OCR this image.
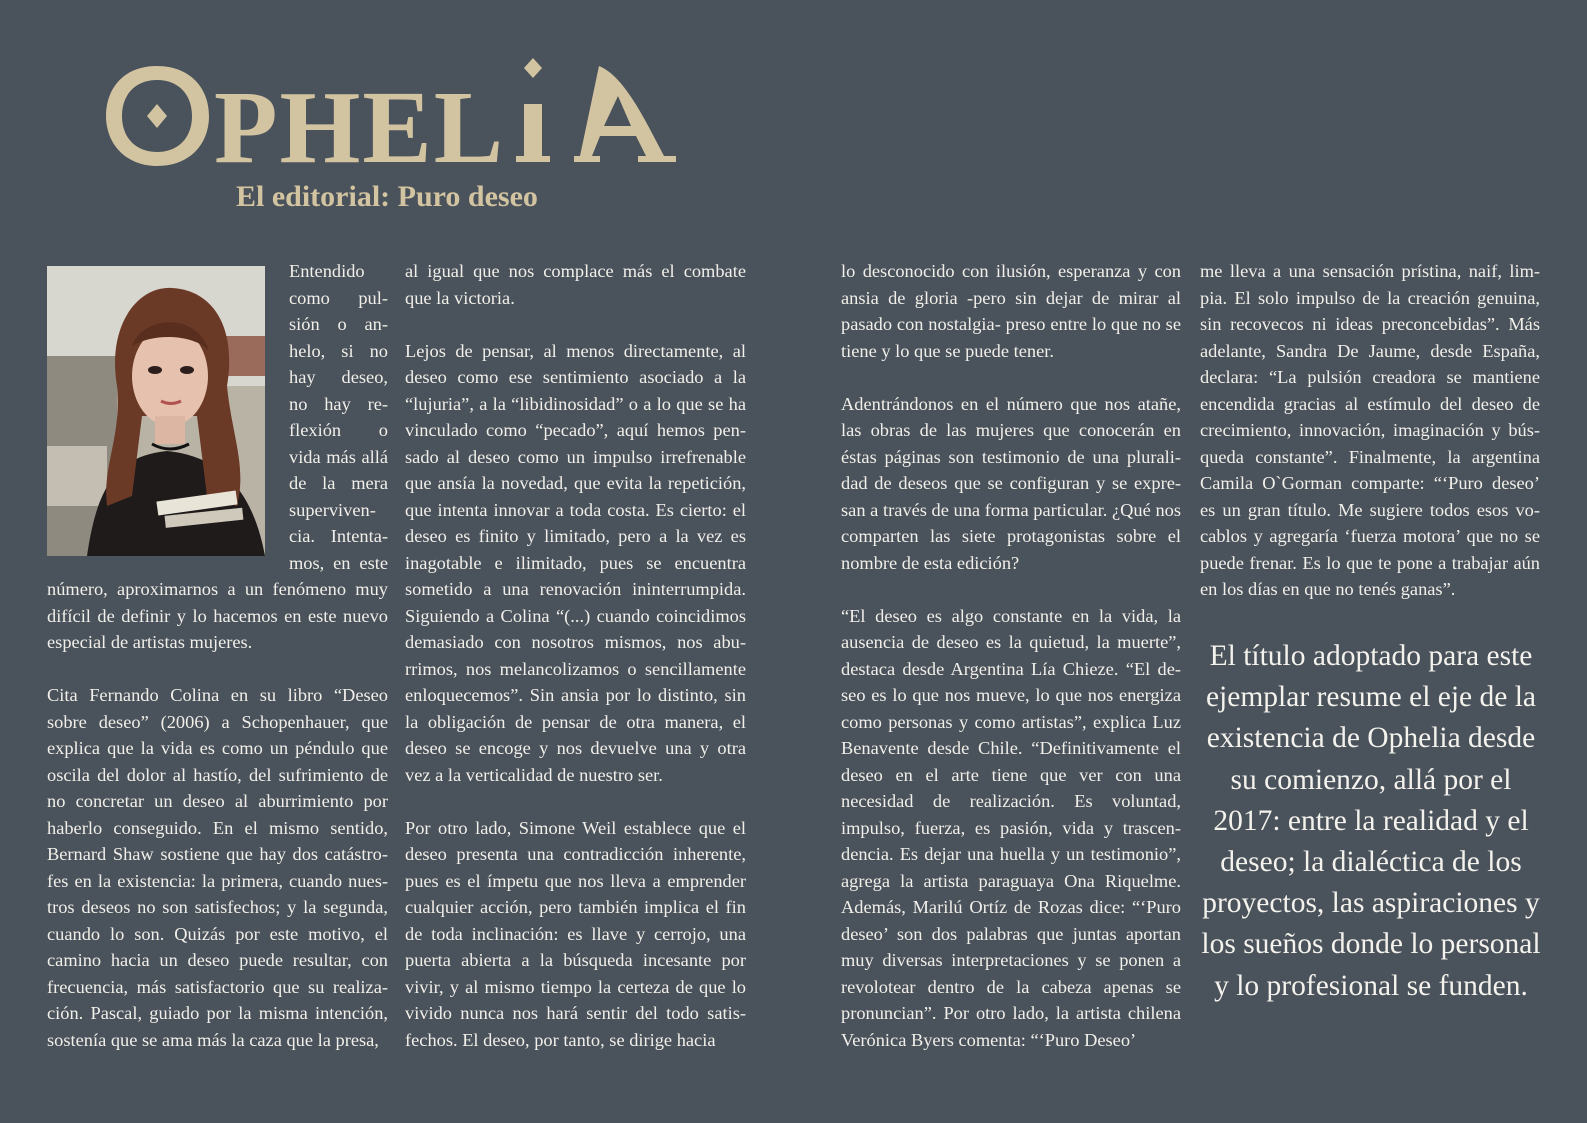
PHEL
El editorial: Puro deseo

Entendido como pulsión o anhelo, si no hay deseo, no hay reflexión o vida más allá de la mera supervivencia. Intentamos, en este número, aproximarnos a un fenómeno muy difícil de definir y lo hacemos en este nuevo especial de artistas mujeres.

Cita Fernando Colina en su libro “Deseo sobre deseo” (2006) a Schopenhauer, que explica que la vida es como un péndulo que oscila del dolor al hastío, del sufrimiento de no concretar un deseo al aburrimiento por haberlo conseguido. En el mismo sentido, Bernard Shaw sostiene que hay dos catástrofes en la existencia: la primera, cuando nuestros deseos no son satisfechos; y la segunda, cuando lo son. Quizás por este motivo, el camino hacia un deseo puede resultar, con frecuencia, más satisfactorio que su realización. Pascal, guiado por la misma intención, sostenía que se ama más la caza que la presa,

al igual que nos complace más el combate que la victoria.

Lejos de pensar, al menos directamente, al deseo como ese sentimiento asociado a la “lujuria”, a la “libidinosidad” o a lo que se ha vinculado como “pecado”, aquí hemos pensado al deseo como un impulso irrefrenable que ansía la novedad, que evita la repetición, que intenta innovar a toda costa. Es cierto: el deseo es finito y limitado, pero a la vez es inagotable e ilimitado, pues se encuentra sometido a una renovación ininterrumpida. Siguiendo a Colina “(...) cuando coincidimos demasiado con nosotros mismos, nos aburrimos, nos melancolizamos o sencillamente enloquecemos”. Sin ansia por lo distinto, sin la obligación de pensar de otra manera, el deseo se encoge y nos devuelve una y otra vez a la verticalidad de nuestro ser.

Por otro lado, Simone Weil establece que el deseo presenta una contradicción inherente, pues es el ímpetu que nos lleva a emprender cualquier acción, pero también implica el fin de toda inclinación: es llave y cerrojo, una puerta abierta a la búsqueda incesante por vivir, y al mismo tiempo la certeza de que lo vivido nunca nos hará sentir del todo satisfechos. El deseo, por tanto, se dirige hacia

lo desconocido con ilusión, esperanza y con ansia de gloria -pero sin dejar de mirar al pasado con nostalgia- preso entre lo que no se tiene y lo que se puede tener.

Adentrándonos en el número que nos atañe, las obras de las mujeres que conocerán en éstas páginas son testimonio de una pluralidad de deseos que se configuran y se expresan a través de una forma particular. ¿Qué nos comparten las siete protagonistas sobre el nombre de esta edición?

“El deseo es algo constante en la vida, la ausencia de deseo es la quietud, la muerte”, destaca desde Argentina Lía Chieze. “El deseo es lo que nos mueve, lo que nos energiza como personas y como artistas”, explica Luz Benavente desde Chile. “Definitivamente el deseo en el arte tiene que ver con una necesidad de realización. Es voluntad, impulso, fuerza, es pasión, vida y trascendencia. Es dejar una huella y un testimonio”, agrega la artista paraguaya Ona Riquelme. Además, Marilú Ortíz de Rozas dice: “‘Puro deseo’ son dos palabras que juntas aportan muy diversas interpretaciones y se ponen a revolotear dentro de la cabeza apenas se pronuncian”. Por otro lado, la artista chilena Verónica Byers comenta: “‘Puro Deseo’

me lleva a una sensación prístina, naif, limpia. El solo impulso de la creación genuina, sin recovecos ni ideas preconcebidas”. Más adelante, Sandra De Jaume, desde España, declara: “La pulsión creadora se mantiene encendida gracias al estímulo del deseo de crecimiento, innovación, imaginación y búsqueda constante”. Finalmente, la argentina Camila O`Gorman comparte: “‘Puro deseo’ es un gran título. Me sugiere todos esos vocablos y agregaría ‘fuerza motora’ que no se puede frenar. Es lo que te pone a trabajar aún en los días en que no tenés ganas”.

El título adoptado para este ejemplar resume el eje de la existencia de Ophelia desde su comienzo, allá por el 2017: entre la realidad y el deseo; la dialéctica de los proyectos, las aspiraciones y los sueños donde lo personal y lo profesional se funden.
